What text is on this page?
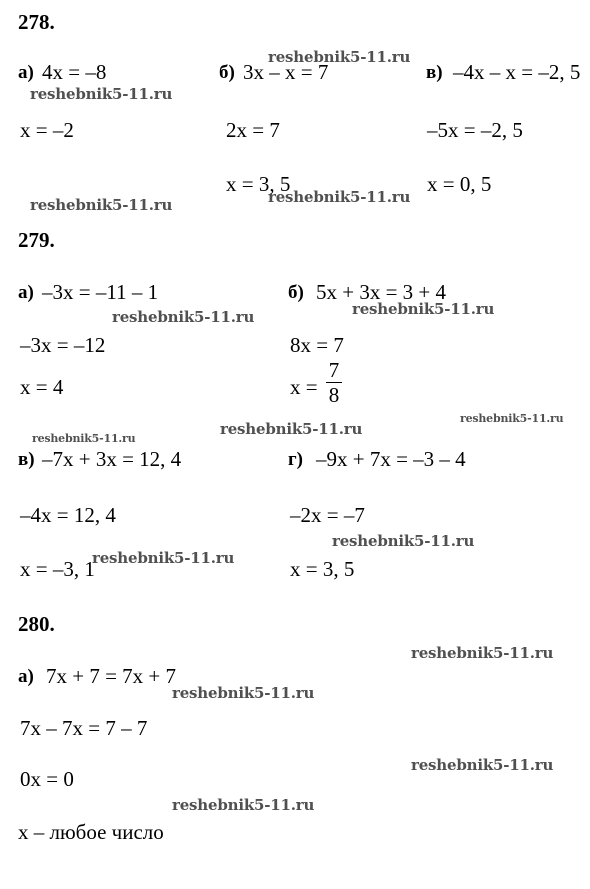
278.
а) 4x = –8
x = –2
б) 3x – x = 7
2x = 7
x = 3, 5
в) –4x – x = –2, 5
–5x = –2, 5
x = 0, 5
279.
а) –3x = –11 – 1
–3x = –12
x = 4
б) 5x + 3x = 3 + 4
8x = 7
x =
7
8
в) –7x + 3x = 12, 4
–4x = 12, 4
x = –3, 1
г) –9x + 7x = –3 – 4
–2x = –7
x = 3, 5
280.
а) 7x + 7 = 7x + 7
7x – 7x = 7 – 7
0x = 0
x – любое число
reshebnik5-11.ru
reshebnik5-11.ru
reshebnik5-11.ru
reshebnik5-11.ru
reshebnik5-11.ru	reshebnik5-11.ru
reshebnik5-11.ru
reshebnik5-11.ru
reshebnik5-11.ru
reshebnik5-11.ru
reshebnik5-11.ru
reshebnik5-11.ru
reshebnik5-11.ru
reshebnik5-11.ru
reshebnik5-11.ru
